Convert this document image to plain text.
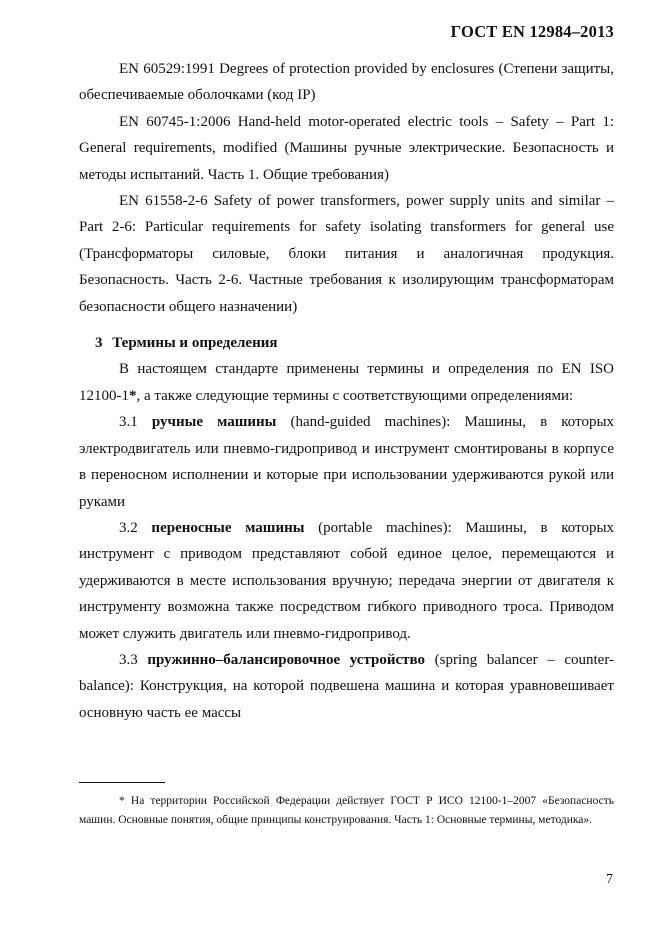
ГОСТ EN 12984–2013

EN 60529:1991 Degrees of protection provided by enclosures (Степени защиты, обеспечиваемые оболочками (код IP)

EN 60745-1:2006 Hand-held motor-operated electric tools – Safety – Part 1: General requirements, modified (Машины ручные электрические. Безопасность и методы испытаний. Часть 1. Общие требования)

EN 61558-2-6 Safety of power transformers, power supply units and similar – Part 2-6: Particular requirements for safety isolating transformers for general use (Трансформаторы силовые, блоки питания и аналогичная продукция. Безопасность. Часть 2-6. Частные требования к изолирующим трансформаторам безопасности общего назначении)

3 Термины и определения

В настоящем стандарте применены термины и определения по EN ISO 12100-1*, а также следующие термины с соответствующими определениями:

3.1 ручные машины (hand-guided machines): Машины, в которых электродвигатель или пневмо-гидропривод и инструмент смонтированы в корпусе в переносном исполнении и которые при использовании удерживаются рукой или руками

3.2 переносные машины (portable machines): Машины, в которых инструмент с приводом представляют собой единое целое, перемещаются и удерживаются в месте использования вручную; передача энергии от двигателя к инструменту возможна также посредством гибкого приводного троса. Приводом может служить двигатель или пневмо-гидропривод.

3.3 пружинно–балансировочное устройство (spring balancer – counter-balance): Конструкция, на которой подвешена машина и которая уравновешивает основную часть ее массы

* На территории Российской Федерации действует ГОСТ Р ИСО 12100-1–2007 «Безопасность машин. Основные понятия, общие принципы конструирования. Часть 1: Основные термины, методика».

7
